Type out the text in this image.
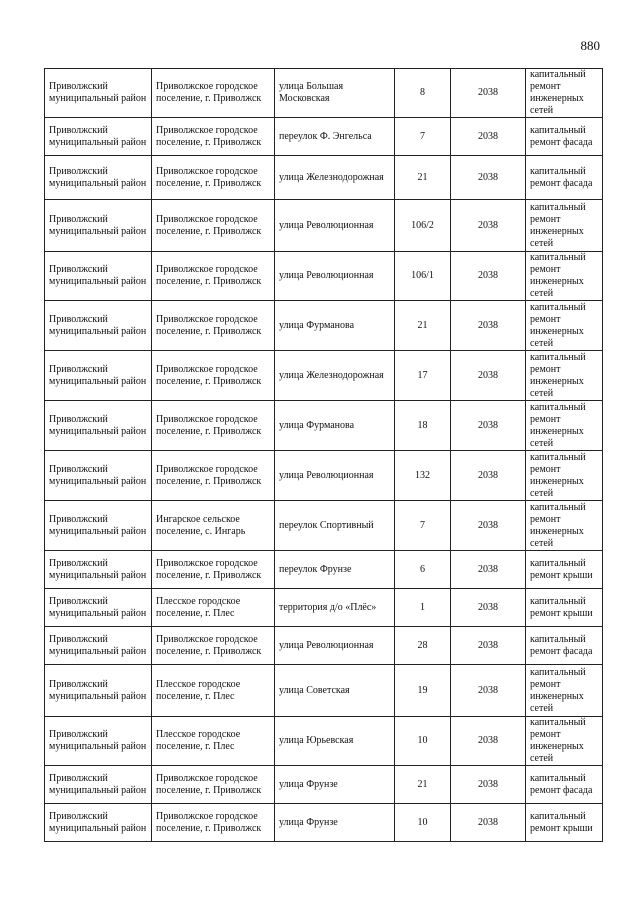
880
Приволжский муниципальный район	Приволжское городское поселение, г. Приволжск	улица Большая Московская	8	2038	капитальный ремонт инженерных сетей
Приволжский муниципальный район	Приволжское городское поселение, г. Приволжск	переулок Ф. Энгельса	7	2038	капитальный ремонт фасада
Приволжский муниципальный район	Приволжское городское поселение, г. Приволжск	улица Железнодорожная	21	2038	капитальный ремонт фасада
Приволжский муниципальный район	Приволжское городское поселение, г. Приволжск	улица Революционная	106/2	2038	капитальный ремонт инженерных сетей
Приволжский муниципальный район	Приволжское городское поселение, г. Приволжск	улица Революционная	106/1	2038	капитальный ремонт инженерных сетей
Приволжский муниципальный район	Приволжское городское поселение, г. Приволжск	улица Фурманова	21	2038	капитальный ремонт инженерных сетей
Приволжский муниципальный район	Приволжское городское поселение, г. Приволжск	улица Железнодорожная	17	2038	капитальный ремонт инженерных сетей
Приволжский муниципальный район	Приволжское городское поселение, г. Приволжск	улица Фурманова	18	2038	капитальный ремонт инженерных сетей
Приволжский муниципальный район	Приволжское городское поселение, г. Приволжск	улица Революционная	132	2038	капитальный ремонт инженерных сетей
Приволжский муниципальный район	Ингарское сельское поселение, с. Ингарь	переулок Спортивный	7	2038	капитальный ремонт инженерных сетей
Приволжский муниципальный район	Приволжское городское поселение, г. Приволжск	переулок Фрунзе	6	2038	капитальный ремонт крыши
Приволжский муниципальный район	Плесское городское поселение, г. Плес	территория д/о «Плёс»	1	2038	капитальный ремонт крыши
Приволжский муниципальный район	Приволжское городское поселение, г. Приволжск	улица Революционная	28	2038	капитальный ремонт фасада
Приволжский муниципальный район	Плесское городское поселение, г. Плес	улица Советская	19	2038	капитальный ремонт инженерных сетей
Приволжский муниципальный район	Плесское городское поселение, г. Плес	улица Юрьевская	10	2038	капитальный ремонт инженерных сетей
Приволжский муниципальный район	Приволжское городское поселение, г. Приволжск	улица Фрунзе	21	2038	капитальный ремонт фасада
Приволжский муниципальный район	Приволжское городское поселение, г. Приволжск	улица Фрунзе	10	2038	капитальный ремонт крыши
